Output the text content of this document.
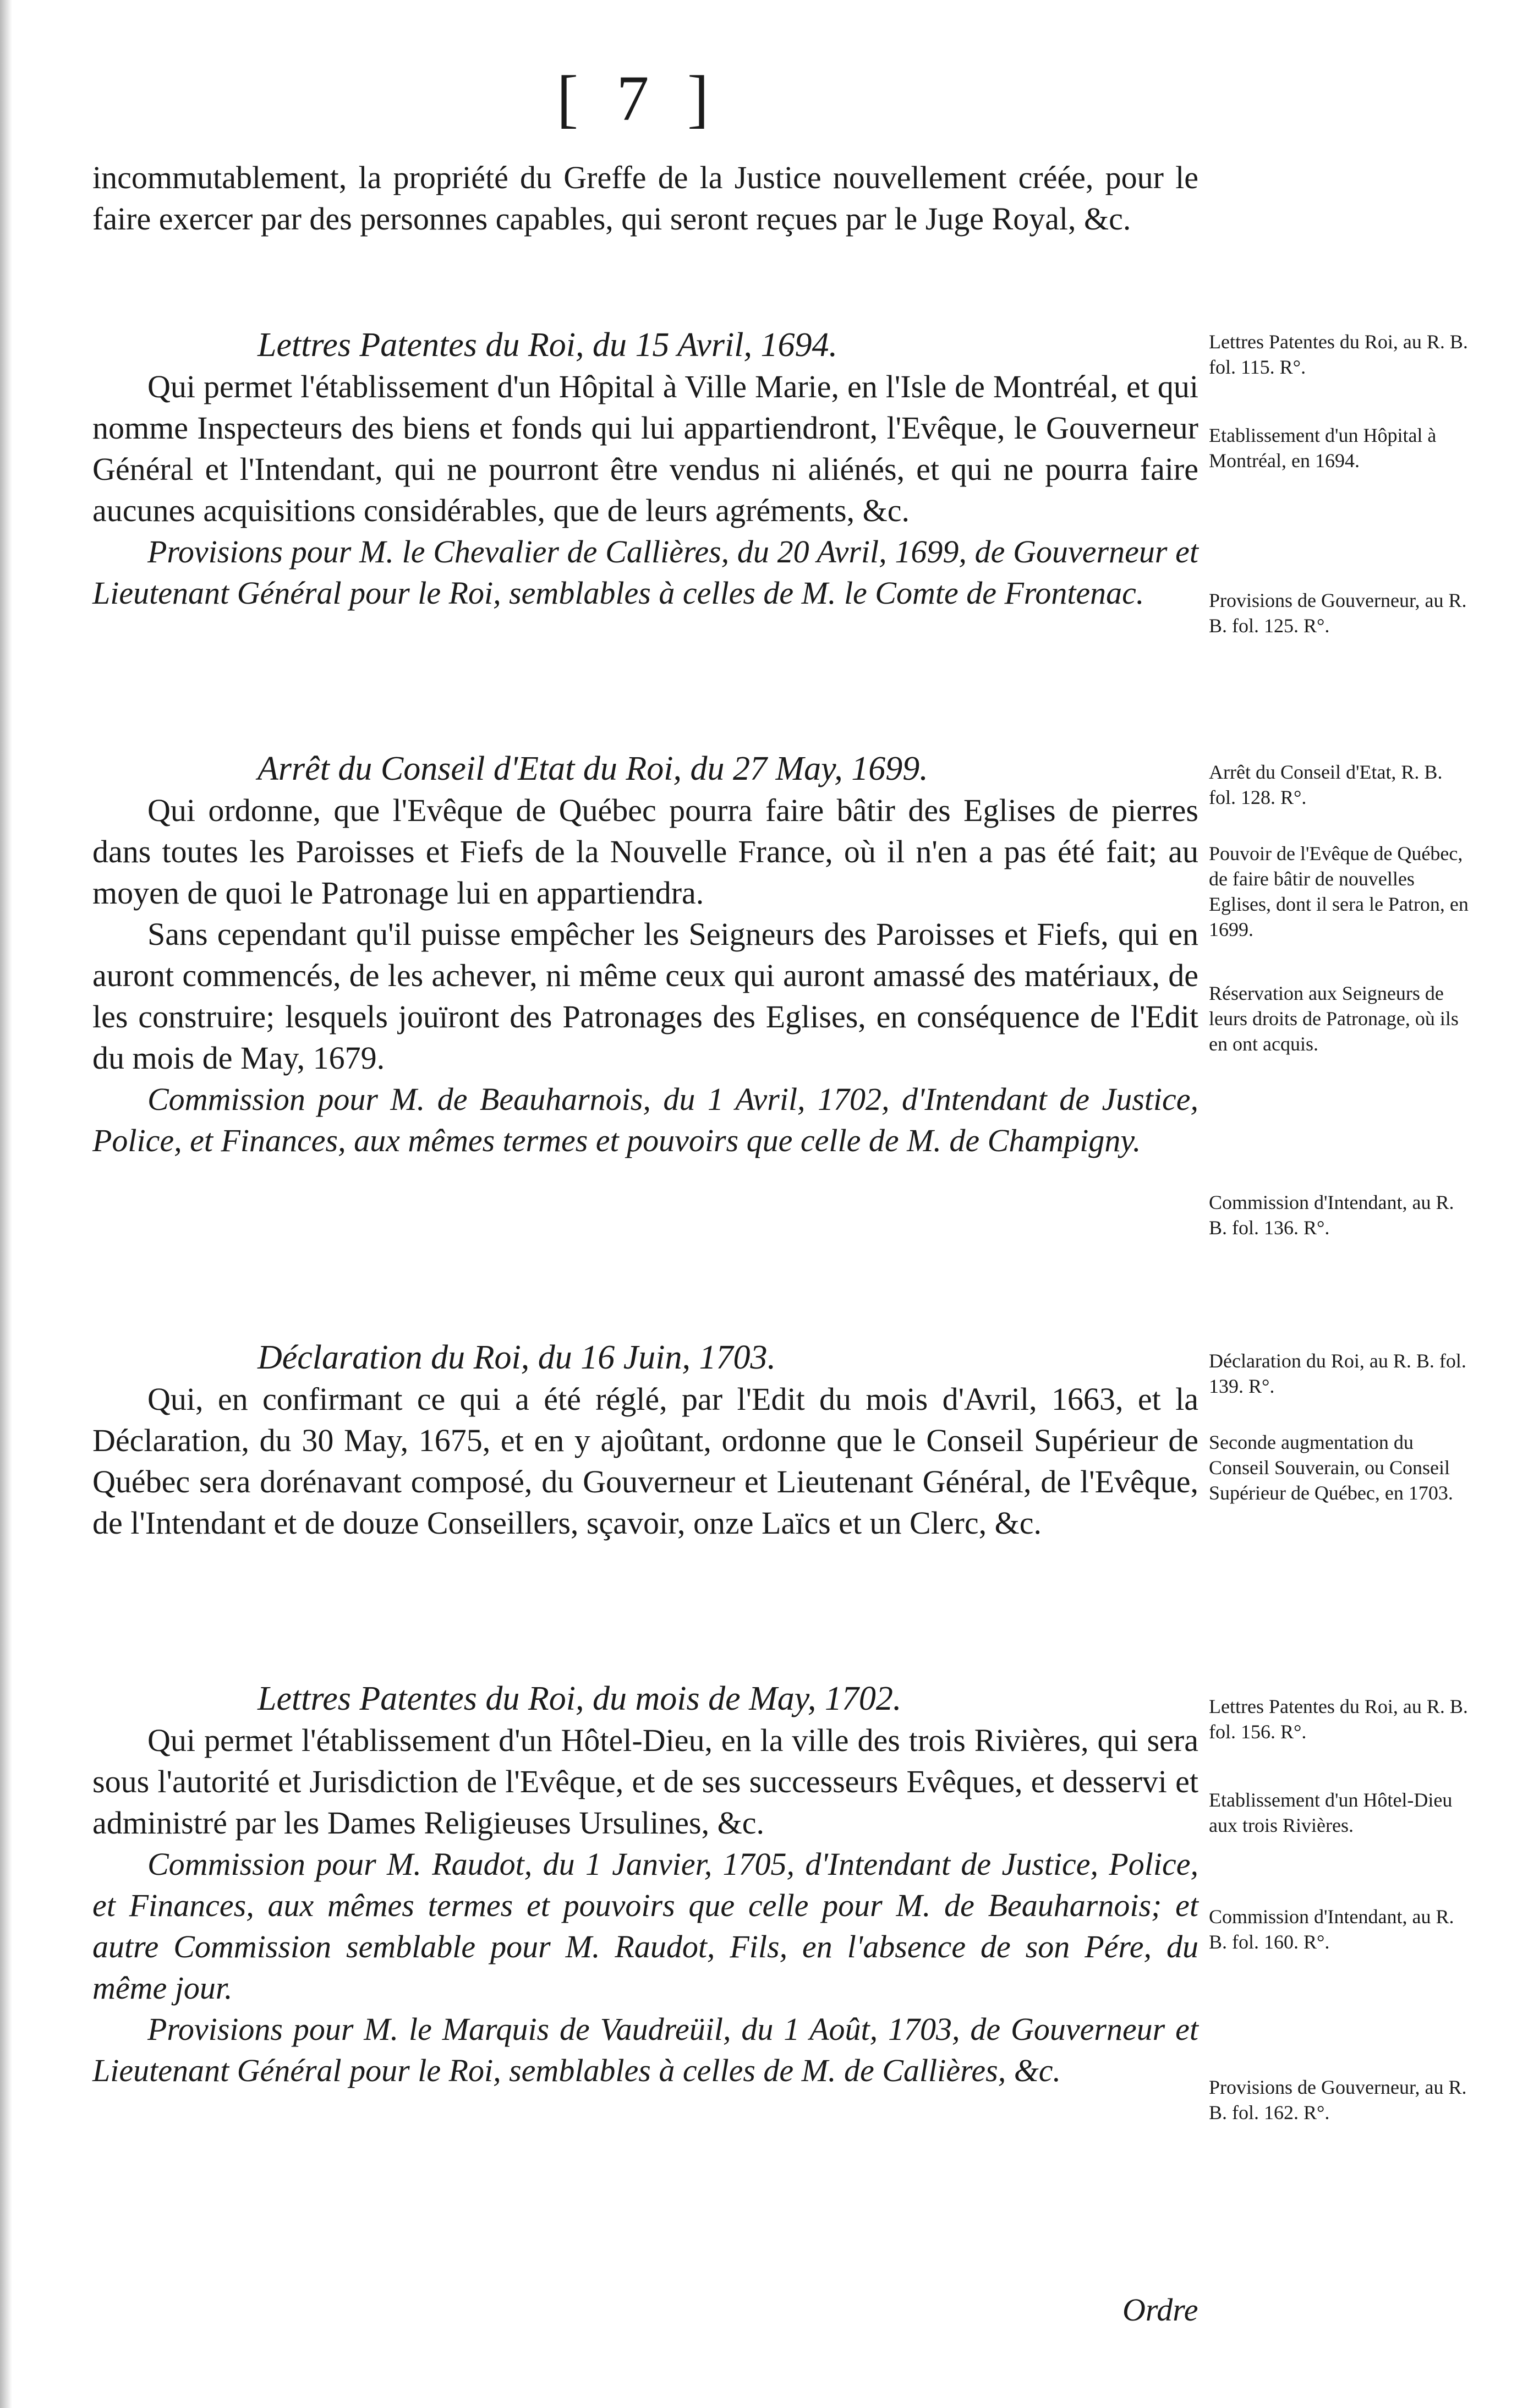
[ 7 ]

incommutablement, la propriété du Greffe de la Justice nouvellement créée, pour le faire exercer par des personnes capables, qui seront reçues par le Juge Royal, &c.

Lettres Patentes du Roi, du 15 Avril, 1694.

Qui permet l'établissement d'un Hôpital à Ville Marie, en l'Isle de Montréal, et qui nomme Inspecteurs des biens et fonds qui lui appartiendront, l'Evêque, le Gouverneur Général et l'Intendant, qui ne pourront être vendus ni aliénés, et qui ne pourra faire aucunes acquisitions considérables, que de leurs agréments, &c.

Provisions pour M. le Chevalier de Callières, du 20 Avril, 1699, de Gouverneur et Lieutenant Général pour le Roi, semblables à celles de M. le Comte de Frontenac.

Arrêt du Conseil d'Etat du Roi, du 27 May, 1699.

Qui ordonne, que l'Evêque de Québec pourra faire bâtir des Eglises de pierres dans toutes les Paroisses et Fiefs de la Nouvelle France, où il n'en a pas été fait; au moyen de quoi le Patronage lui en appartiendra.

Sans cependant qu'il puisse empêcher les Seigneurs des Paroisses et Fiefs, qui en auront commencés, de les achever, ni même ceux qui auront amassé des matériaux, de les construire; lesquels jouïront des Patronages des Eglises, en conséquence de l'Edit du mois de May, 1679.

Commission pour M. de Beauharnois, du 1 Avril, 1702, d'Intendant de Justice, Police, et Finances, aux mêmes termes et pouvoirs que celle de M. de Champigny.

Déclaration du Roi, du 16 Juin, 1703.

Qui, en confirmant ce qui a été réglé, par l'Edit du mois d'Avril, 1663, et la Déclaration, du 30 May, 1675, et en y ajoûtant, ordonne que le Conseil Supérieur de Québec sera dorénavant composé, du Gouverneur et Lieutenant Général, de l'Evêque, de l'Intendant et de douze Conseillers, sçavoir, onze Laïcs et un Clerc, &c.

Lettres Patentes du Roi, du mois de May, 1702.

Qui permet l'établissement d'un Hôtel-Dieu, en la ville des trois Rivières, qui sera sous l'autorité et Jurisdiction de l'Evêque, et de ses successeurs Evêques, et desservi et administré par les Dames Religieuses Ursulines, &c.

Commission pour M. Raudot, du 1 Janvier, 1705, d'Intendant de Justice, Police, et Finances, aux mêmes termes et pouvoirs que celle pour M. de Beauharnois; et autre Commission semblable pour M. Raudot, Fils, en l'absence de son Pére, du même jour.

Provisions pour M. le Marquis de Vaudreüil, du 1 Août, 1703, de Gouverneur et Lieutenant Général pour le Roi, semblables à celles de M. de Callières, &c.

Lettres Patentes du Roi, au R. B. fol. 115. R°.

Etablissement d'un Hôpital à Montréal, en 1694.

Provisions de Gouverneur, au R. B. fol. 125. R°.

Arrêt du Conseil d'Etat, R. B. fol. 128. R°.

Pouvoir de l'Evêque de Québec, de faire bâtir de nouvelles Eglises, dont il sera le Patron, en 1699.

Réservation aux Seigneurs de leurs droits de Patronage, où ils en ont acquis.

Commission d'Intendant, au R. B. fol. 136. R°.

Déclaration du Roi, au R. B. fol. 139. R°.

Seconde augmentation du Conseil Souverain, ou Conseil Supérieur de Québec, en 1703.

Lettres Patentes du Roi, au R. B. fol. 156. R°.

Etablissement d'un Hôtel-Dieu aux trois Rivières.

Commission d'Intendant, au R. B. fol. 160. R°.

Provisions de Gouverneur, au R. B. fol. 162. R°.

Ordre
